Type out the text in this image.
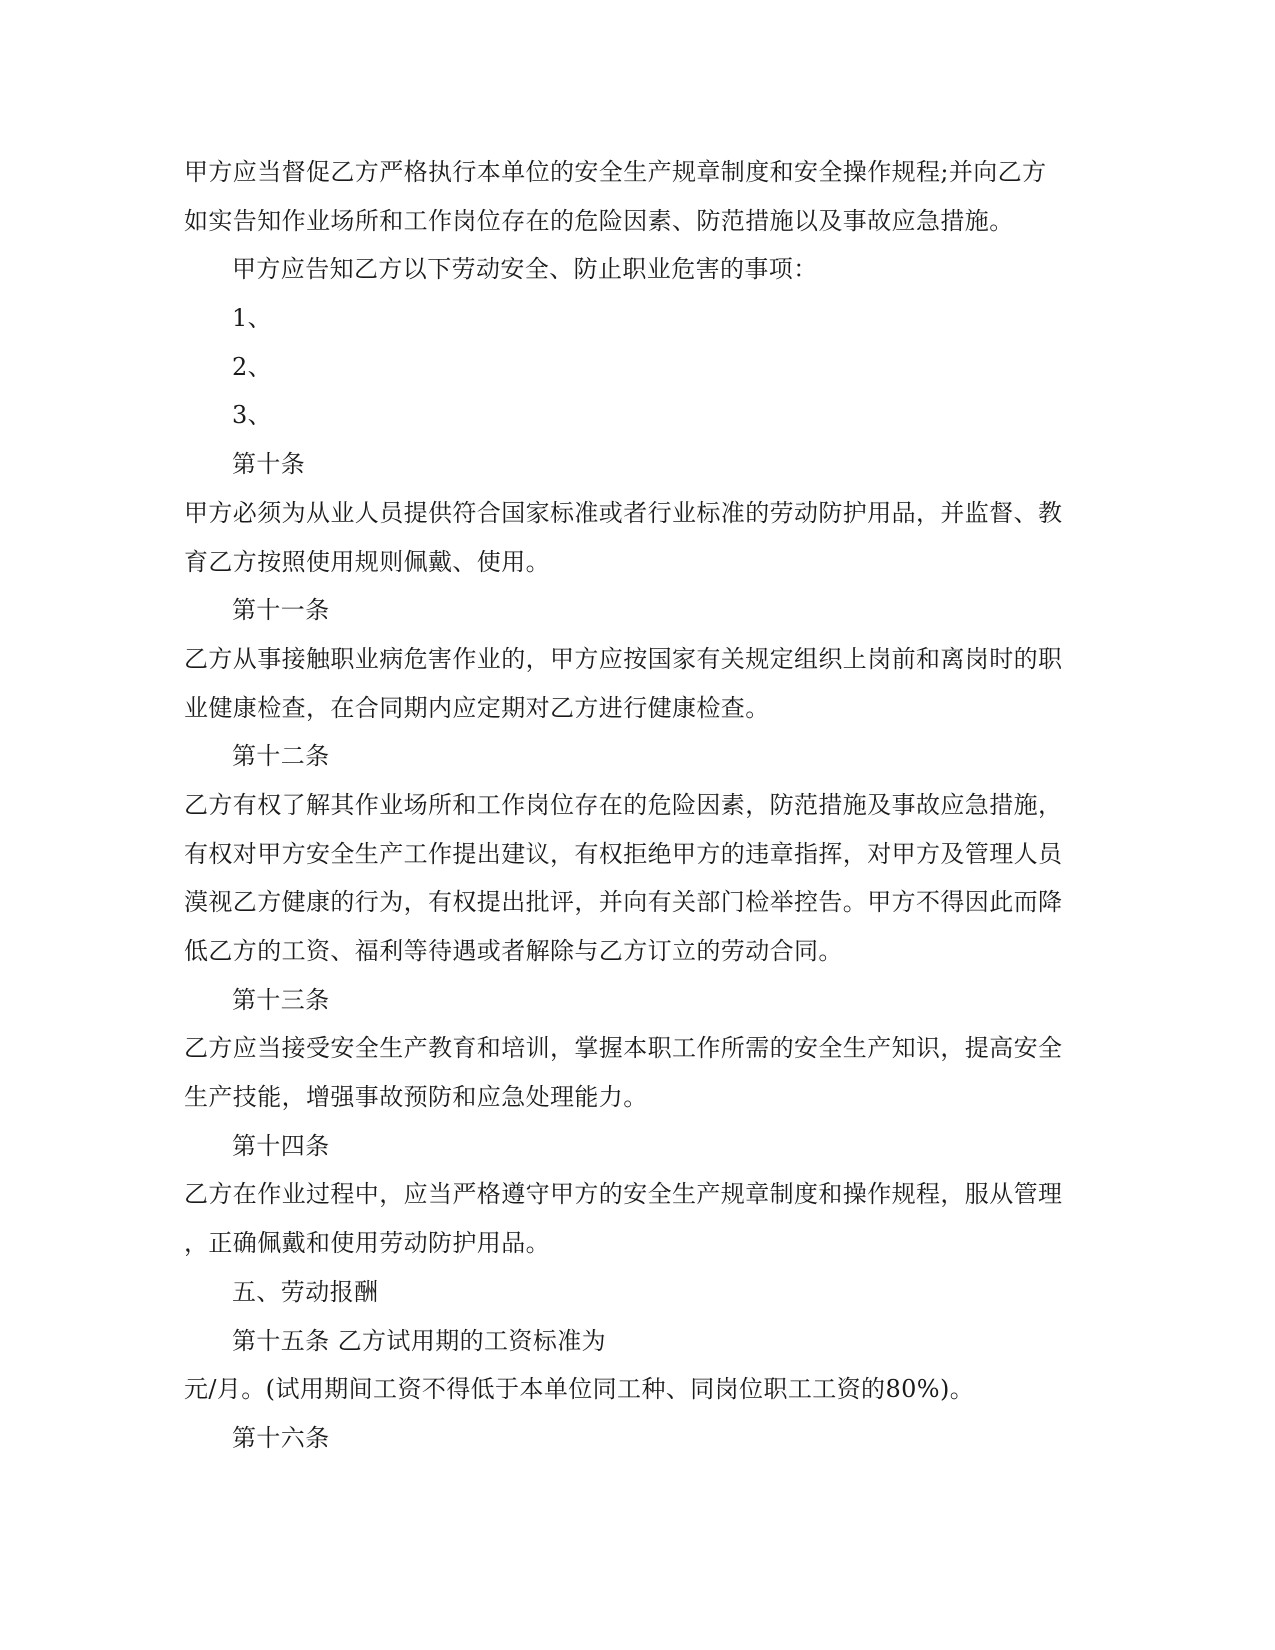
甲方应当督促乙方严格执行本单位的安全生产规章制度和安全操作规程;并向乙方
如实告知作业场所和工作岗位存在的危险因素、防范措施以及事故应急措施。
甲方应告知乙方以下劳动安全、防止职业危害的事项：
1、
2、
3、
第十条
甲方必须为从业人员提供符合国家标准或者行业标准的劳动防护用品，并监督、教
育乙方按照使用规则佩戴、使用。
第十一条
乙方从事接触职业病危害作业的，甲方应按国家有关规定组织上岗前和离岗时的职
业健康检查，在合同期内应定期对乙方进行健康检查。
第十二条
乙方有权了解其作业场所和工作岗位存在的危险因素，防范措施及事故应急措施，
有权对甲方安全生产工作提出建议，有权拒绝甲方的违章指挥，对甲方及管理人员
漠视乙方健康的行为，有权提出批评，并向有关部门检举控告。甲方不得因此而降
低乙方的工资、福利等待遇或者解除与乙方订立的劳动合同。
第十三条
乙方应当接受安全生产教育和培训，掌握本职工作所需的安全生产知识，提高安全
生产技能，增强事故预防和应急处理能力。
第十四条
乙方在作业过程中，应当严格遵守甲方的安全生产规章制度和操作规程，服从管理
，正确佩戴和使用劳动防护用品。
五、劳动报酬
第十五条 乙方试用期的工资标准为
元/月。(试用期间工资不得低于本单位同工种、同岗位职工工资的80%)。
第十六条
